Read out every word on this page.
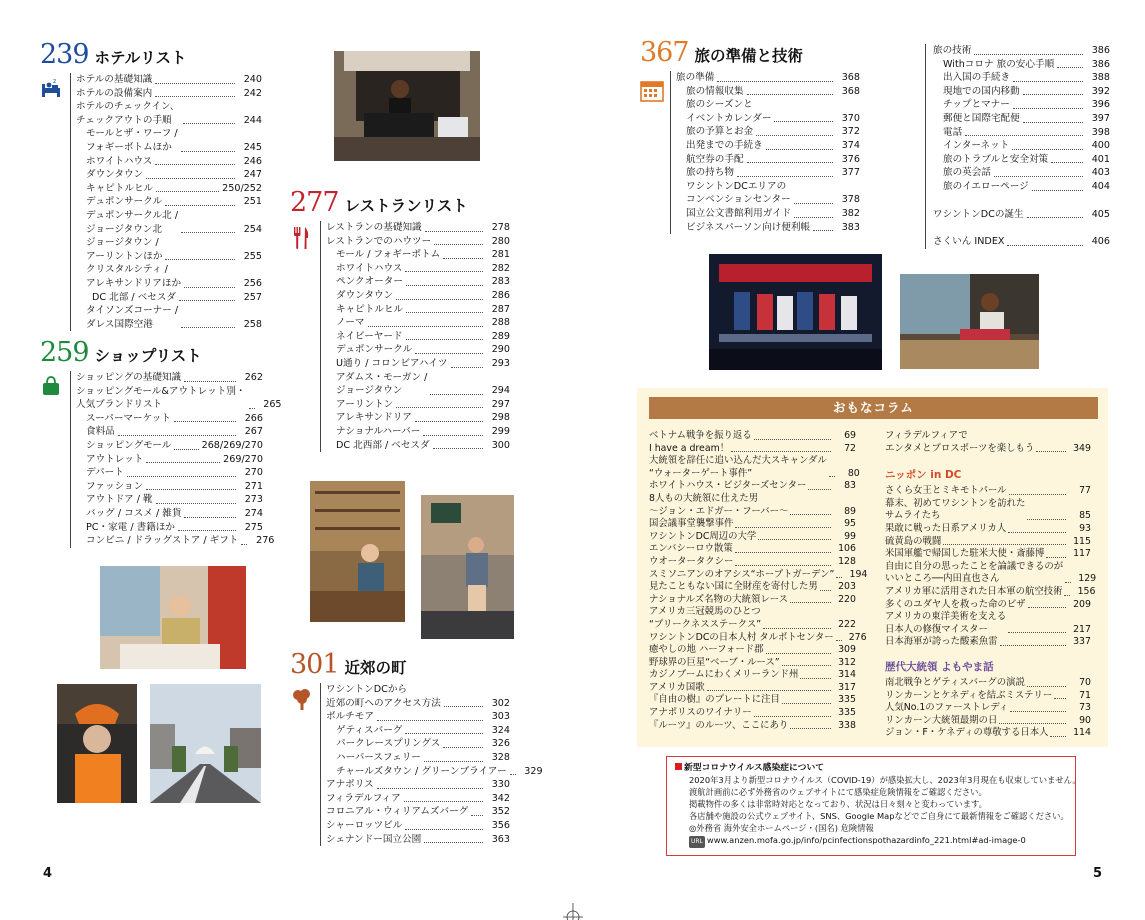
239 ホテルリスト
z ホテルの基礎知識	240
ホテルの設備案内	242
ホテルのチェックイン、
チェックアウトの手順	244
モールとザ・ワーフ /
フォギーボトムほか	245
ホワイトハウス	246
ダウンタウン	247
キャピトルヒル	250/252
デュポンサークル	251
デュポンサークル北 /
ジョージタウン北	254
ジョージタウン /
アーリントンほか	255
クリスタルシティ /
アレキサンドリアほか	256
DC 北部 / ベセスダ	257
タイソンズコーナー /
ダレス国際空港	258
259 ショップリスト
ショッピングの基礎知識	262
ショッピングモール&アウトレット別・
人気ブランドリスト	265
スーパーマーケット	266
食料品	267
ショッピングモール	268/269/270
アウトレット	269/270
デパート	270
ファッション	271
アウトドア / 靴	273
バッグ / コスメ / 雑貨	274
PC・家電 / 書籍ほか	275
コンビニ / ドラッグストア / ギフト	276
277 レストランリスト
レストランの基礎知識	278
レストランでのハウツー	280
モール / フォギーボトム	281
ホワイトハウス	282
ペンクオーター	283
ダウンタウン	286
キャピトルヒル	287
ノーマ	288
ネイビーヤード	289
デュポンサークル	290
U通り / コロンビアハイツ	293
アダムス・モーガン /
ジョージタウン	294
アーリントン	297
アレキサンドリア	298
ナショナルハーバー	299
DC 北西部 / ベセスダ	300
301 近郊の町
ワシントンDCから
近郊の町へのアクセス方法	302
ボルチモア	303
ゲティスバーグ	324
パークレースプリングス	326
ハーパースフェリー	328
チャールズタウン / グリーンブライアー	329
アナポリス	330
フィラデルフィア	342
コロニアル・ウィリアムズバーグ	352
シャーロッツビル	356
シェナンドー国立公園	363
4
367 旅の準備と技術
旅の準備	368
旅の情報収集	368
旅のシーズンと
イベントカレンダー	370
旅の予算とお金	372
出発までの手続き	374
航空券の手配	376
旅の持ち物	377
ワシントンDCエリアの
コンベンションセンター	378
国立公文書館利用ガイド	382
ビジネスパーソン向け便利帳	383
旅の技術	386
Withコロナ 旅の安心手順	386
出入国の手続き	388
現地での国内移動	392
チップとマナー	396
郵便と国際宅配便	397
電話	398
インターネット	400
旅のトラブルと安全対策	401
旅の英会話	403
旅のイエローページ	404
ワシントンDCの誕生	405
さくいん INDEX	406
おもなコラム
ベトナム戦争を振り返る	69
I have a dream！	72
大統領を辞任に追い込んだ大スキャンダル
“ウォーターゲート事件”	80
ホワイトハウス・ビジターズセンター	83
8人もの大統領に仕えた男
〜ジョン・エドガー・フーバー〜	89
国会議事堂襲撃事件	95
ワシントンDC周辺の大学	99
エンバシーロウ散策	106
ウオータータクシー	128
スミソニアンのオアシス“ホープトガーデン”	194
見たこともない国に全財産を寄付した男	203
ナショナルズ名物の大統領レース	220
アメリカ三冠競馬のひとつ
“プリークネスステークス”	222
ワシントンDCの日本人村 タルボトセンター	276
癒やしの地 ハーフォード郡	309
野球界の巨星“ベーブ・ルース”	312
カジノブームにわくメリーランド州	314
アメリカ国歌	317
『自由の樹』のプレートに注目	335
アナポリスのワイナリー	335
『ルーツ』のルーツ、ここにあり	338
フィラデルフィアで
エンタメとプロスポーツを楽しもう	349
ニッポン in DC
さくら女王とミキモトパール	77
幕末、初めてワシントンを訪れた
サムライたち	85
果敢に戦った日系アメリカ人	93
硫黄島の戦闘	115
米国軍艦で帰国した駐米大使・斎藤博	117
自由に自分の思ったことを論議できるのが
いいところ──内田直也さん	129
アメリカ軍に活用された日本軍の航空技術	156
多くのユダヤ人を救った命のビザ	209
アメリカの東洋美術を支える
日本人の修復マイスター	217
日本海軍が誇った酸素魚雷	337
歴代大統領 よもやま話
南北戦争とゲティスバーグの演説	70
リンカーンとケネディを結ぶミステリー	71
人気No.1のファーストレディ	73
リンカーン大統領最期の日	90
ジョン・F・ケネディの尊敬する日本人	114
新型コロナウイルス感染症について
2020年3月より新型コロナウイルス（COVID-19）が感染拡大し、2023年3月現在も収束していません。
渡航計画前に必ず外務省のウェブサイトにて感染症危険情報をご確認ください。
掲載物件の多くは非常時対応となっており、状況は日々刻々と変わっています。
各店舗や施設の公式ウェブサイト、SNS、Google Mapなどでご自身にて最新情報をご確認ください。
◎外務省 海外安全ホームページ・(国名) 危険情報
URL www.anzen.mofa.go.jp/info/pcinfectionspothazardinfo_221.html#ad-image-0
5
